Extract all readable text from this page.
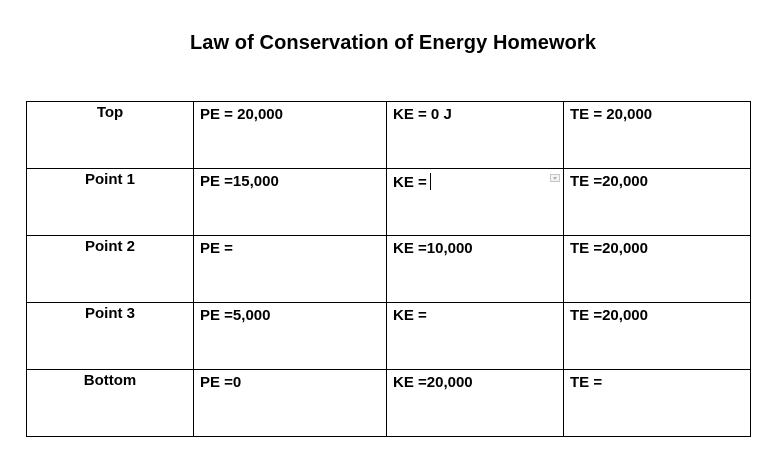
Law of Conservation of Energy Homework
Top	PE = 20,000	KE = 0 J	TE = 20,000

Point 1	PE =15,000	KE =	TE =20,000

Point 2	PE =	KE =10,000	TE =20,000

Point 3	PE =5,000	KE =	TE =20,000

Bottom	PE =0	KE =20,000	TE =
